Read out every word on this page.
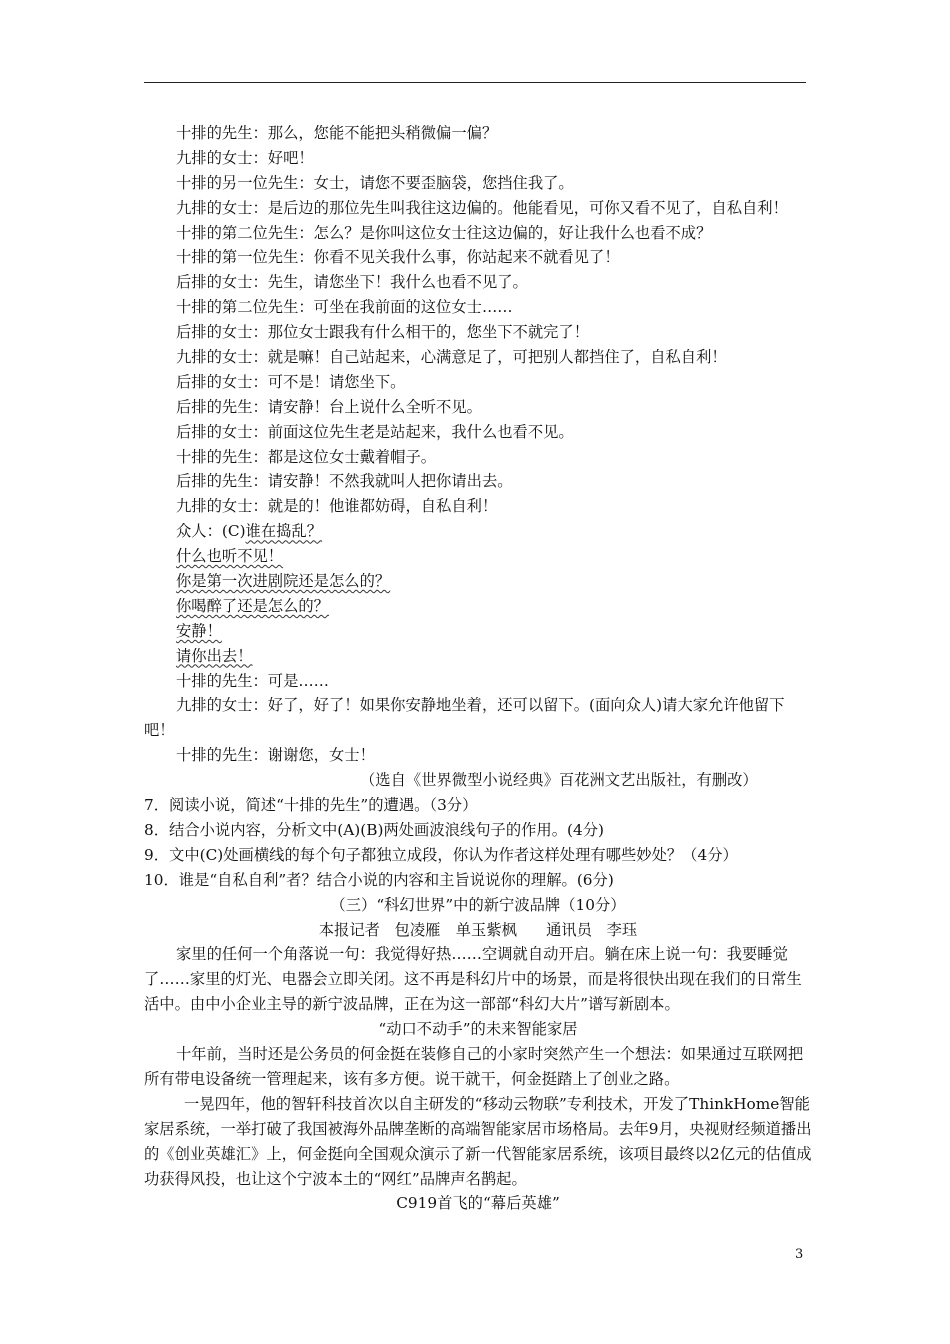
十排的先生：那么，您能不能把头稍微偏一偏？
九排的女士：好吧！
十排的另一位先生：女士，请您不要歪脑袋，您挡住我了。
九排的女士：是后边的那位先生叫我往这边偏的。他能看见，可你又看不见了，自私自利！
十排的第二位先生：怎么？是你叫这位女士往这边偏的，好让我什么也看不成？
十排的第一位先生：你看不见关我什么事，你站起来不就看见了！
后排的女士：先生，请您坐下！我什么也看不见了。
十排的第二位先生：可坐在我前面的这位女士……
后排的女士：那位女士跟我有什么相干的，您坐下不就完了！
九排的女士：就是嘛！自己站起来，心满意足了，可把别人都挡住了，自私自利！
后排的女士：可不是！请您坐下。
后排的先生：请安静！台上说什么全听不见。
后排的女士：前面这位先生老是站起来，我什么也看不见。
十排的先生：都是这位女士戴着帽子。
后排的先生：请安静！不然我就叫人把你请出去。
九排的女士：就是的！他谁都妨碍，自私自利！
众人：(C)谁在捣乱？
什么也听不见！
你是第一次进剧院还是怎么的？
你喝醉了还是怎么的？
安静！
请你出去！
十排的先生：可是……
九排的女士：好了，好了！如果你安静地坐着，还可以留下。(面向众人)请大家允许他留下吧！
十排的先生：谢谢您，女士！
（选自《世界微型小说经典》百花洲文艺出版社，有删改）
7．阅读小说，简述“十排的先生”的遭遇。（3分）
8．结合小说内容，分析文中(A)(B)两处画波浪线句子的作用。(4分)
9．文中(C)处画横线的每个句子都独立成段，你认为作者这样处理有哪些妙处？（4分）
10．谁是“自私自利”者？结合小说的内容和主旨说说你的理解。(6分)
（三）“科幻世界”中的新宁波品牌（10分）
本报记者 包凌雁　单玉紫枫 通讯员 李珏
家里的任何一个角落说一句：我觉得好热……空调就自动开启。躺在床上说一句：我要睡觉了……家里的灯光、电器会立即关闭。这不再是科幻片中的场景，而是将很快出现在我们的日常生活中。由中小企业主导的新宁波品牌，正在为这一部部“科幻大片”谱写新剧本。
“动口不动手”的未来智能家居
十年前，当时还是公务员的何金挺在装修自己的小家时突然产生一个想法：如果通过互联网把所有带电设备统一管理起来，该有多方便。说干就干，何金挺踏上了创业之路。
一晃四年，他的智轩科技首次以自主研发的“移动云物联”专利技术，开发了ThinkHome智能家居系统，一举打破了我国被海外品牌垄断的高端智能家居市场格局。去年9月，央视财经频道播出的《创业英雄汇》上，何金挺向全国观众演示了新一代智能家居系统，该项目最终以2亿元的估值成功获得风投，也让这个宁波本土的“网红”品牌声名鹊起。
C919首飞的“幕后英雄”
3
